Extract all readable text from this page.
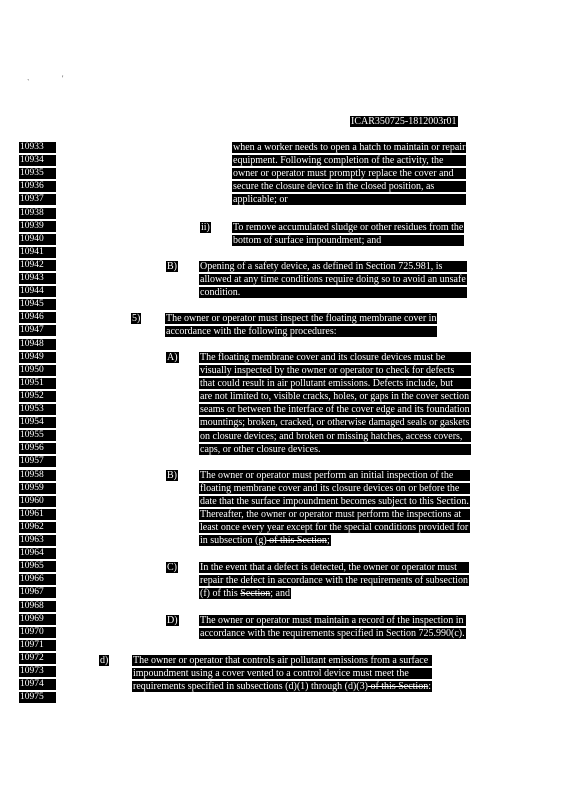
`	'
ICAR350725-1812003r01
10933
10934
10935
10936
10937
10938
10939
10940
10941
10942
10943
10944
10945
10946
10947
10948
10949
10950
10951
10952
10953
10954
10955
10956
10957
10958
10959
10960
10961
10962
10963
10964
10965
10966
10967
10968
10969
10970
10971
10972
10973
10974
10975
when a worker needs to open a hatch to maintain or repair
equipment. Following completion of the activity, the
owner or operator must promptly replace the cover and
secure the closure device in the closed position, as
applicable; or
ii) To remove accumulated sludge or other residues from the
bottom of surface impoundment; and
B) Opening of a safety device, as defined in Section 725.981, is
allowed at any time conditions require doing so to avoid an unsafe
condition.
5)	The owner or operator must inspect the floating membrane cover in
accordance with the following procedures:
A) The floating membrane cover and its closure devices must be
visually inspected by the owner or operator to check for defects
that could result in air pollutant emissions. Defects include, but
are not limited to, visible cracks, holes, or gaps in the cover section
seams or between the interface of the cover edge and its foundation
mountings; broken, cracked, or otherwise damaged seals or gaskets
on closure devices; and broken or missing hatches, access covers,
caps, or other closure devices.
B) The owner or operator must perform an initial inspection of the
floating membrane cover and its closure devices on or before the
date that the surface impoundment becomes subject to this Section.
Thereafter, the owner or operator must perform the inspections at
least once every year except for the special conditions provided for
in subsection (g) of this Section;
C) In the event that a defect is detected, the owner or operator must
repair the defect in accordance with the requirements of subsection
(f) of this Section; and
D) The owner or operator must maintain a record of the inspection in
accordance with the requirements specified in Section 725.990(c).
d) The owner or operator that controls air pollutant emissions from a surface
impoundment using a cover vented to a control device must meet the
requirements specified in subsections (d)(1) through (d)(3) of this Section:
